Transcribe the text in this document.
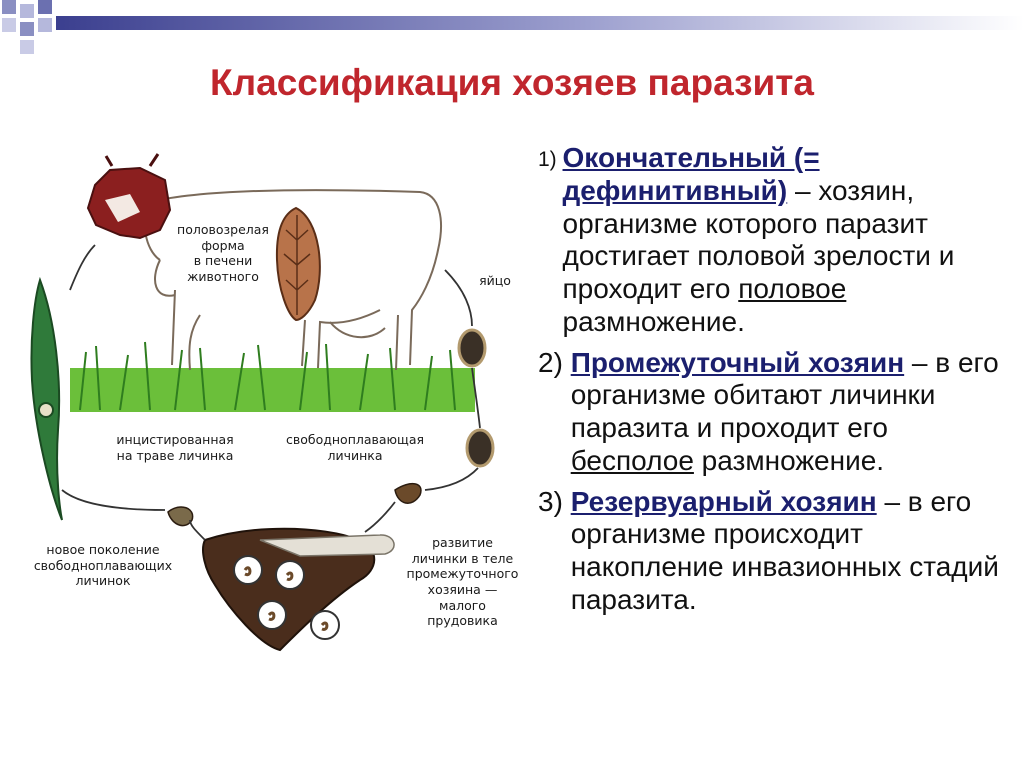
Классификация хозяев паразита
половозрелая
форма
в печени
животного	яйцо
инцистированная
на траве личинка
свободноплавающая
личинка
новое поколение
свободноплавающих
личинок
развитие
личинки в теле
промежуточного
хозяина —
малого
прудовика
1) Окончательный (= дефинитивный) – хозяин, организме которого паразит достигает половой зрелости и проходит его половое размножение.
2) Промежуточный хозяин – в его организме обитают личинки паразита и проходит его бесполое размножение.
3) Резервуарный хозяин – в его организме происходит накопление инвазионных стадий паразита.
